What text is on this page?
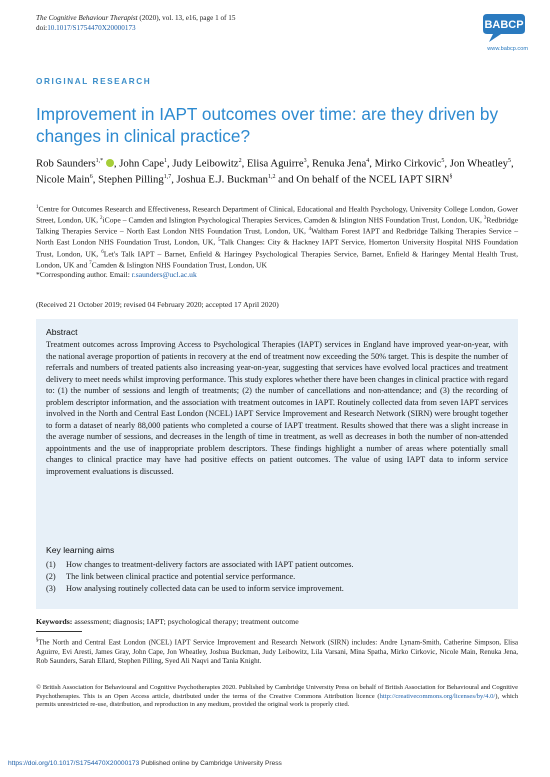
The Cognitive Behaviour Therapist (2020), vol. 13, e16, page 1 of 15
doi:10.1017/S1754470X20000173	BABCP
www.babcp.com
ORIGINAL RESEARCH
Improvement in IAPT outcomes over time: are they driven by changes in clinical practice?
Rob Saunders$^{1,*}$ , John Cape$^1$, Judy Leibowitz$^2$, Elisa Aguirre$^3$, Renuka Jena$^4$, Mirko Cirkovic$^5$, Jon Wheatley$^5$, Nicole Main$^6$, Stephen Pilling$^{1,7}$, Joshua E.J. Buckman$^{1,2}$ and On behalf of the NCEL IAPT SIRN§
$^1$Centre for Outcomes Research and Effectiveness, Research Department of Clinical, Educational and Health Psychology, University College London, Gower Street, London, UK, $^2$iCope – Camden and Islington Psychological Therapies Services, Camden & Islington NHS Foundation Trust, London, UK, $^3$Redbridge Talking Therapies Service – North East London NHS Foundation Trust, London, UK, $^4$Waltham Forest IAPT and Redbridge Talking Therapies Service – North East London NHS Foundation Trust, London, UK, $^5$Talk Changes: City & Hackney IAPT Service, Homerton University Hospital NHS Foundation Trust, London, UK, $^6$Let's Talk IAPT – Barnet, Enfield & Haringey Psychological Therapies Service, Barnet, Enfield & Haringey Mental Health Trust, London, UK and $^7$Camden & Islington NHS Foundation Trust, London, UK
*Corresponding author. Email: r.saunders@ucl.ac.uk
(Received 21 October 2019; revised 04 February 2020; accepted 17 April 2020)
Abstract
Treatment outcomes across Improving Access to Psychological Therapies (IAPT) services in England have improved year-on-year, with the national average proportion of patients in recovery at the end of treatment now exceeding the 50% target. This is despite the number of referrals and numbers of treated patients also increasing year-on-year, suggesting that services have evolved local practices and treatment delivery to meet needs whilst improving performance. This study explores whether there have been changes in clinical practice with regard to: (1) the number of sessions and length of treatments; (2) the number of cancellations and non-attendance; and (3) the recording of problem descriptor information, and the association with treatment outcomes in IAPT. Routinely collected data from seven IAPT services involved in the North and Central East London (NCEL) IAPT Service Improvement and Research Network (SIRN) were brought together to form a dataset of nearly 88,000 patients who completed a course of IAPT treatment. Results showed that there was a slight increase in the average number of sessions, and decreases in the length of time in treatment, as well as decreases in both the number of non-attended appointments and the use of inappropriate problem descriptors. These findings highlight a number of areas where potentially small changes to clinical practice may have had positive effects on patient outcomes. The value of using IAPT data to inform service improvement evaluations is discussed.
Key learning aims
(1) How changes to treatment-delivery factors are associated with IAPT patient outcomes.
(2) The link between clinical practice and potential service performance.
(3) How analysing routinely collected data can be used to inform service improvement.
Keywords: assessment; diagnosis; IAPT; psychological therapy; treatment outcome
§The North and Central East London (NCEL) IAPT Service Improvement and Research Network (SIRN) includes: Andre Lynam-Smith, Catherine Simpson, Elisa Aguirre, Evi Aresti, James Gray, John Cape, Jon Wheatley, Joshua Buckman, Judy Leibowitz, Lila Varsani, Mina Spatha, Mirko Cirkovic, Nicole Main, Renuka Jena, Rob Saunders, Sarah Ellard, Stephen Pilling, Syed Ali Naqvi and Tania Knight.
© British Association for Behavioural and Cognitive Psychotherapies 2020. Published by Cambridge University Press on behalf of British Association for Behavioural and Cognitive Psychotherapies. This is an Open Access article, distributed under the terms of the Creative Commons Attribution licence (http://creativecommons.org/licenses/by/4.0/), which permits unrestricted re-use, distribution, and reproduction in any medium, provided the original work is properly cited.
https://doi.org/10.1017/S1754470X20000173 Published online by Cambridge University Press
